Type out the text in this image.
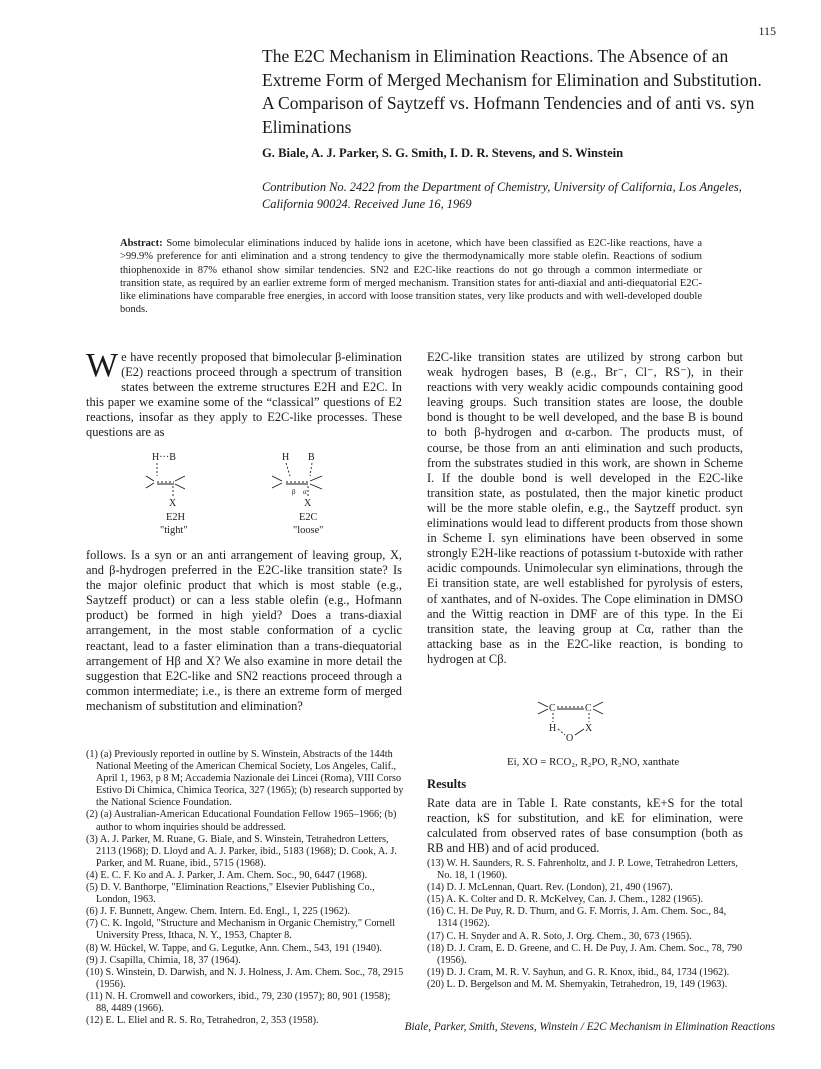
115
The E2C Mechanism in Elimination Reactions. The Absence of an Extreme Form of Merged Mechanism for Elimination and Substitution. A Comparison of Saytzeff vs. Hofmann Tendencies and of anti vs. syn Eliminations
G. Biale, A. J. Parker, S. G. Smith, I. D. R. Stevens, and S. Winstein
Contribution No. 2422 from the Department of Chemistry, University of California, Los Angeles, California 90024. Received June 16, 1969
Abstract: Some bimolecular eliminations induced by halide ions in acetone, which have been classified as E2C-like reactions, have a >99.9% preference for anti elimination and a strong tendency to give the thermodynamically more stable olefin. Reactions of sodium thiophenoxide in 87% ethanol show similar tendencies. SN2 and E2C-like reactions do not go through a common intermediate or transition state, as required by an earlier extreme form of merged mechanism. Transition states for anti-diaxial and anti-diequatorial E2C-like eliminations have comparable free energies, in accord with loose transition states, very like products and with well-developed double bonds.
W e have recently proposed that bimolecular β-elimination (E2) reactions proceed through a spectrum of transition states between the extreme structures E2H and E2C. In this paper we examine some of the “classical” questions of E2 reactions, insofar as they apply to E2C-like processes. These questions are as
H···B
X
H B
β α
X
E2H
"tight"
E2C
"loose"
follows. Is a syn or an anti arrangement of leaving group, X, and β-hydrogen preferred in the E2C-like transition state? Is the major olefinic product that which is most stable (e.g., Saytzeff product) or can a less stable olefin (e.g., Hofmann product) be formed in high yield? Does a trans-diaxial arrangement, in the most stable conformation of a cyclic reactant, lead to a faster elimination than a trans-diequatorial arrangement of Hβ and X? We also examine in more detail the suggestion that E2C-like and SN2 reactions proceed through a common intermediate; i.e., is there an extreme form of merged mechanism of substitution and elimination?

(1) (a) Previously reported in outline by S. Winstein, Abstracts of the 144th National Meeting of the American Chemical Society, Los Angeles, Calif., April 1, 1963, p 8 M; Accademia Nazionale dei Lincei (Roma), VIII Corso Estivo Di Chimica, Chimica Teorica, 327 (1965); (b) research supported by the National Science Foundation.

(2) (a) Australian-American Educational Foundation Fellow 1965–1966; (b) author to whom inquiries should be addressed.

(3) A. J. Parker, M. Ruane, G. Biale, and S. Winstein, Tetrahedron Letters, 2113 (1968); D. Lloyd and A. J. Parker, ibid., 5183 (1968); D. Cook, A. J. Parker, and M. Ruane, ibid., 5715 (1968).

(4) E. C. F. Ko and A. J. Parker, J. Am. Chem. Soc., 90, 6447 (1968).

(5) D. V. Banthorpe, "Elimination Reactions," Elsevier Publishing Co., London, 1963.

(6) J. F. Bunnett, Angew. Chem. Intern. Ed. Engl., 1, 225 (1962).

(7) C. K. Ingold, "Structure and Mechanism in Organic Chemistry," Cornell University Press, Ithaca, N. Y., 1953, Chapter 8.

(8) W. Hückel, W. Tappe, and G. Legutke, Ann. Chem., 543, 191 (1940).

(9) J. Csapilla, Chimia, 18, 37 (1964).

(10) S. Winstein, D. Darwish, and N. J. Holness, J. Am. Chem. Soc., 78, 2915 (1956).

(11) N. H. Cromwell and coworkers, ibid., 79, 230 (1957); 80, 901 (1958); 88, 4489 (1966).

(12) E. L. Eliel and R. S. Ro, Tetrahedron, 2, 353 (1958).

E2C-like transition states are utilized by strong carbon but weak hydrogen bases, B (e.g., Br⁻, Cl⁻, RS⁻), in their reactions with very weakly acidic compounds containing good leaving groups. Such transition states are loose, the double bond is thought to be well developed, and the base B is bound to both β-hydrogen and α-carbon. The products must, of course, be those from an anti elimination and such products, from the substrates studied in this work, are shown in Scheme I. If the double bond is well developed in the E2C-like transition state, as postulated, then the major kinetic product will be the more stable olefin, e.g., the Saytzeff product. syn eliminations would lead to different products from those shown in Scheme I. syn eliminations have been observed in some strongly E2H-like reactions of potassium t-butoxide with rather acidic compounds. Unimolecular syn eliminations, through the Ei transition state, are well established for pyrolysis of esters, of xanthates, and of N-oxides. The Cope elimination in DMSO and the Wittig reaction in DMF are of this type. In the Ei transition state, the leaving group at Cα, rather than the attacking base as in the E2C-like reaction, is bonding to hydrogen at Cβ.
C	C
H	X
O
Ei, XO = RCO₂, R₂PO, R₂NO, xanthate
Results
Rate data are in Table I. Rate constants, kE+S for the total reaction, kS for substitution, and kE for elimination, were calculated from observed rates of base consumption (both as RB and HB) and of acid produced.

(13) W. H. Saunders, R. S. Fahrenholtz, and J. P. Lowe, Tetrahedron Letters, No. 18, 1 (1960).

(14) D. J. McLennan, Quart. Rev. (London), 21, 490 (1967).

(15) A. K. Colter and D. R. McKelvey, Can. J. Chem., 1282 (1965).

(16) C. H. De Puy, R. D. Thurn, and G. F. Morris, J. Am. Chem. Soc., 84, 1314 (1962).

(17) C. H. Snyder and A. R. Soto, J. Org. Chem., 30, 673 (1965).

(18) D. J. Cram, E. D. Greene, and C. H. De Puy, J. Am. Chem. Soc., 78, 790 (1956).

(19) D. J. Cram, M. R. V. Sayhun, and G. R. Knox, ibid., 84, 1734 (1962).

(20) L. D. Bergelson and M. M. Shemyakin, Tetrahedron, 19, 149 (1963).

Biale, Parker, Smith, Stevens, Winstein / E2C Mechanism in Elimination Reactions
